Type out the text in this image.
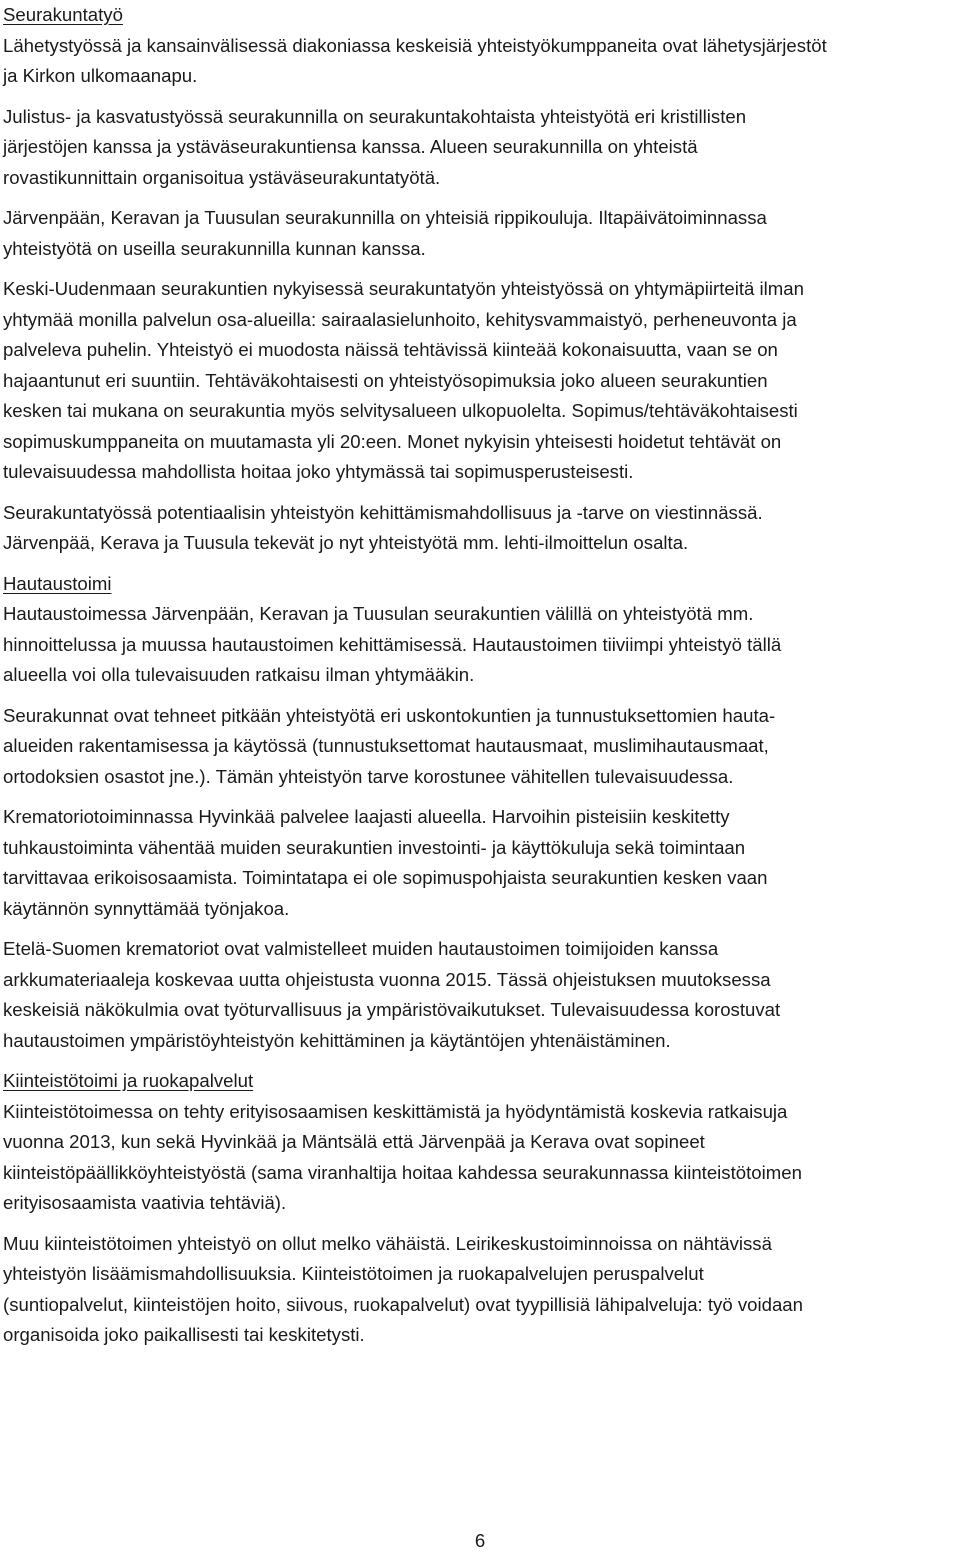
Seurakuntatyö
Lähetystyössä ja kansainvälisessä diakoniassa keskeisiä yhteistyökumppaneita ovat lähetysjärjestöt
ja Kirkon ulkomaanapu.
Julistus- ja kasvatustyössä seurakunnilla on seurakuntakohtaista yhteistyötä eri kristillisten
järjestöjen kanssa ja ystäväseurakuntiensa kanssa. Alueen seurakunnilla on yhteistä
rovastikunnittain organisoitua ystäväseurakuntatyötä.
Järvenpään, Keravan ja Tuusulan seurakunnilla on yhteisiä rippikouluja. Iltapäivätoiminnassa
yhteistyötä on useilla seurakunnilla kunnan kanssa.
Keski-Uudenmaan seurakuntien nykyisessä seurakuntatyön yhteistyössä on yhtymäpiirteitä ilman
yhtymää monilla palvelun osa-alueilla: sairaalasielunhoito, kehitysvammaistyö, perheneuvonta ja
palveleva puhelin. Yhteistyö ei muodosta näissä tehtävissä kiinteää kokonaisuutta, vaan se on
hajaantunut eri suuntiin. Tehtäväkohtaisesti on yhteistyösopimuksia joko alueen seurakuntien
kesken tai mukana on seurakuntia myös selvitysalueen ulkopuolelta. Sopimus/tehtäväkohtaisesti
sopimuskumppaneita on muutamasta yli 20:een. Monet nykyisin yhteisesti hoidetut tehtävät on
tulevaisuudessa mahdollista hoitaa joko yhtymässä tai sopimusperusteisesti.
Seurakuntatyössä potentiaalisin yhteistyön kehittämismahdollisuus ja -tarve on viestinnässä.
Järvenpää, Kerava ja Tuusula tekevät jo nyt yhteistyötä mm. lehti-ilmoittelun osalta.
Hautaustoimi
Hautaustoimessa Järvenpään, Keravan ja Tuusulan seurakuntien välillä on yhteistyötä mm.
hinnoittelussa ja muussa hautaustoimen kehittämisessä. Hautaustoimen tiiviimpi yhteistyö tällä
alueella voi olla tulevaisuuden ratkaisu ilman yhtymääkin.
Seurakunnat ovat tehneet pitkään yhteistyötä eri uskontokuntien ja tunnustuksettomien hauta-
alueiden rakentamisessa ja käytössä (tunnustuksettomat hautausmaat, muslimihautausmaat,
ortodoksien osastot jne.). Tämän yhteistyön tarve korostunee vähitellen tulevaisuudessa.
Krematoriotoiminnassa Hyvinkää palvelee laajasti alueella. Harvoihin pisteisiin keskitetty
tuhkaustoiminta vähentää muiden seurakuntien investointi- ja käyttökuluja sekä toimintaan
tarvittavaa erikoisosaamista. Toimintatapa ei ole sopimuspohjaista seurakuntien kesken vaan
käytännön synnyttämää työnjakoa.
Etelä-Suomen krematoriot ovat valmistelleet muiden hautaustoimen toimijoiden kanssa
arkkumateriaaleja koskevaa uutta ohjeistusta vuonna 2015. Tässä ohjeistuksen muutoksessa
keskeisiä näkökulmia ovat työturvallisuus ja ympäristövaikutukset. Tulevaisuudessa korostuvat
hautaustoimen ympäristöyhteistyön kehittäminen ja käytäntöjen yhtenäistäminen.
Kiinteistötoimi ja ruokapalvelut
Kiinteistötoimessa on tehty erityisosaamisen keskittämistä ja hyödyntämistä koskevia ratkaisuja
vuonna 2013, kun sekä Hyvinkää ja Mäntsälä että Järvenpää ja Kerava ovat sopineet
kiinteistöpäällikköyhteistyöstä (sama viranhaltija hoitaa kahdessa seurakunnassa kiinteistötoimen
erityisosaamista vaativia tehtäviä).
Muu kiinteistötoimen yhteistyö on ollut melko vähäistä. Leirikeskustoiminnoissa on nähtävissä
yhteistyön lisäämismahdollisuuksia. Kiinteistötoimen ja ruokapalvelujen peruspalvelut
(suntiopalvelut, kiinteistöjen hoito, siivous, ruokapalvelut) ovat tyypillisiä lähipalveluja: työ voidaan
organisoida joko paikallisesti tai keskitetysti.
6
